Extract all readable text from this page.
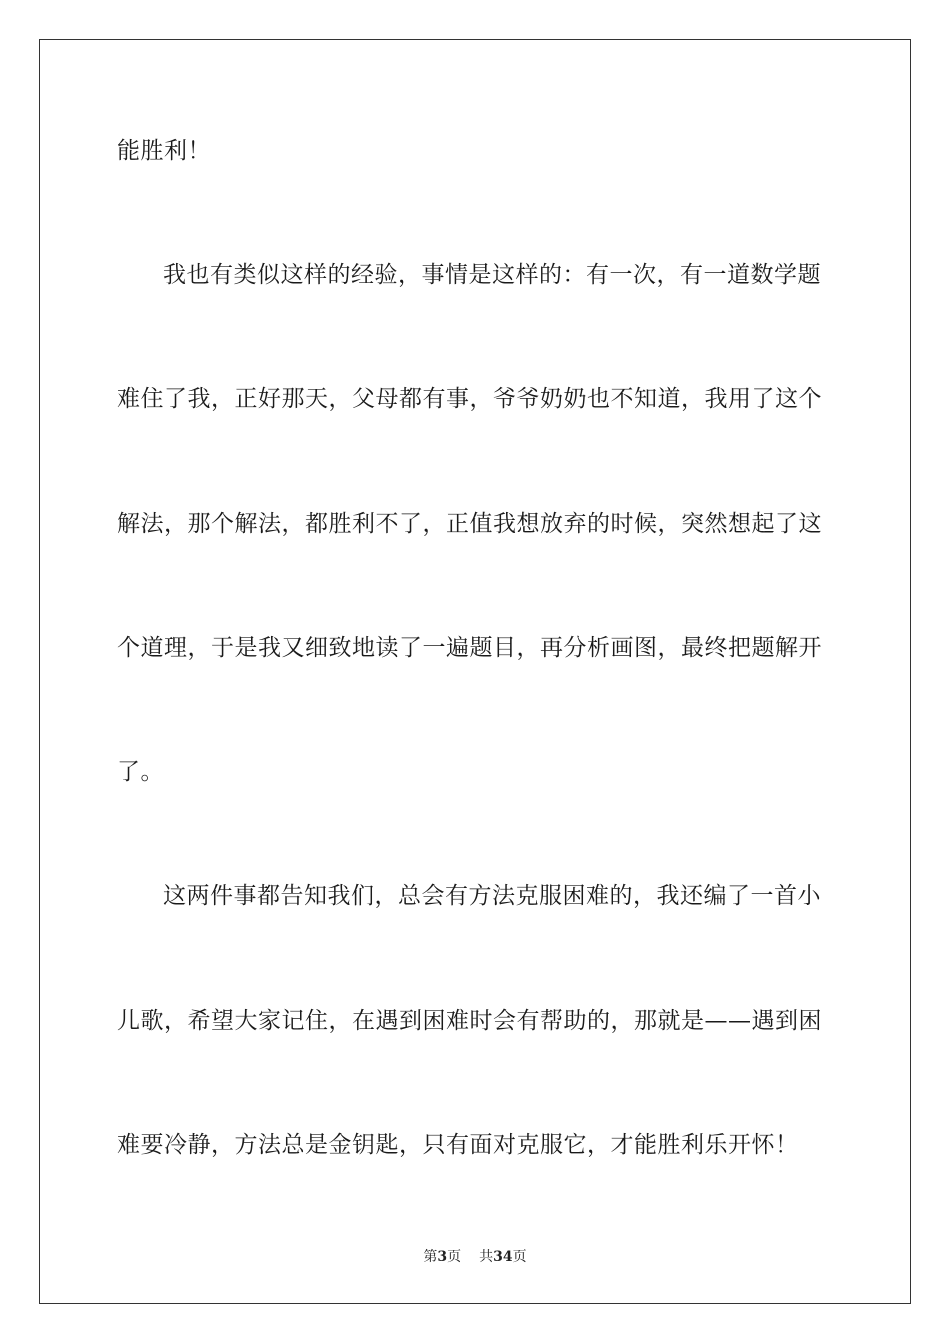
能胜利！
我也有类似这样的经验，事情是这样的：有一次，有一道数学题
难住了我，正好那天，父母都有事，爷爷奶奶也不知道，我用了这个
解法，那个解法，都胜利不了，正值我想放弃的时候，突然想起了这
个道理，于是我又细致地读了一遍题目，再分析画图，最终把题解开
了。
这两件事都告知我们，总会有方法克服困难的，我还编了一首小
儿歌，希望大家记住，在遇到困难时会有帮助的，那就是——遇到困
难要冷静，方法总是金钥匙，只有面对克服它，才能胜利乐开怀！
第3页 共34页
